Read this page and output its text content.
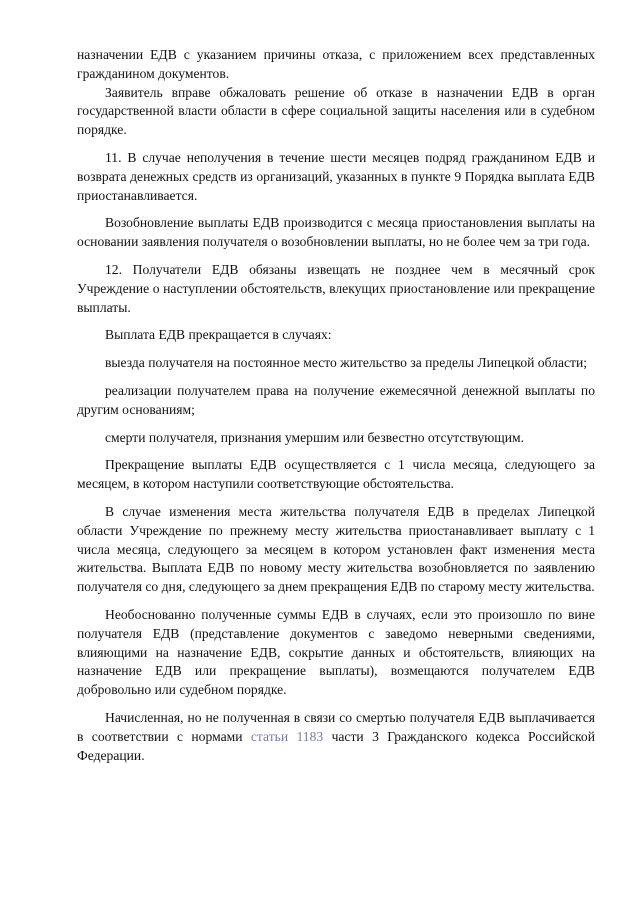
назначении ЕДВ с указанием причины отказа, с приложением всех представленных гражданином документов.

Заявитель вправе обжаловать решение об отказе в назначении ЕДВ в орган государственной власти области в сфере социальной защиты населения или в судебном порядке.

11. В случае неполучения в течение шести месяцев подряд гражданином ЕДВ и возврата денежных средств из организаций, указанных в пункте 9 Порядка выплата ЕДВ приостанавливается.

Возобновление выплаты ЕДВ производится с месяца приостановления выплаты на основании заявления получателя о возобновлении выплаты, но не более чем за три года.

12. Получатели ЕДВ обязаны извещать не позднее чем в месячный срок Учреждение о наступлении обстоятельств, влекущих приостановление или прекращение выплаты.

Выплата ЕДВ прекращается в случаях:

выезда получателя на постоянное место жительство за пределы Липецкой области;

реализации получателем права на получение ежемесячной денежной выплаты по другим основаниям;

смерти получателя, признания умершим или безвестно отсутствующим.

Прекращение выплаты ЕДВ осуществляется с 1 числа месяца, следующего за месяцем, в котором наступили соответствующие обстоятельства.

В случае изменения места жительства получателя ЕДВ в пределах Липецкой области Учреждение по прежнему месту жительства приостанавливает выплату с 1 числа месяца, следующего за месяцем в котором установлен факт изменения места жительства. Выплата ЕДВ по новому месту жительства возобновляется по заявлению получателя со дня, следующего за днем прекращения ЕДВ по старому месту жительства.

Необоснованно полученные суммы ЕДВ в случаях, если это произошло по вине получателя ЕДВ (представление документов с заведомо неверными сведениями, влияющими на назначение ЕДВ, сокрытие данных и обстоятельств, влияющих на назначение ЕДВ или прекращение выплаты), возмещаются получателем ЕДВ добровольно или судебном порядке.

Начисленная, но не полученная в связи со смертью получателя ЕДВ выплачивается в соответствии с нормами статьи 1183 части 3 Гражданского кодекса Российской Федерации.
